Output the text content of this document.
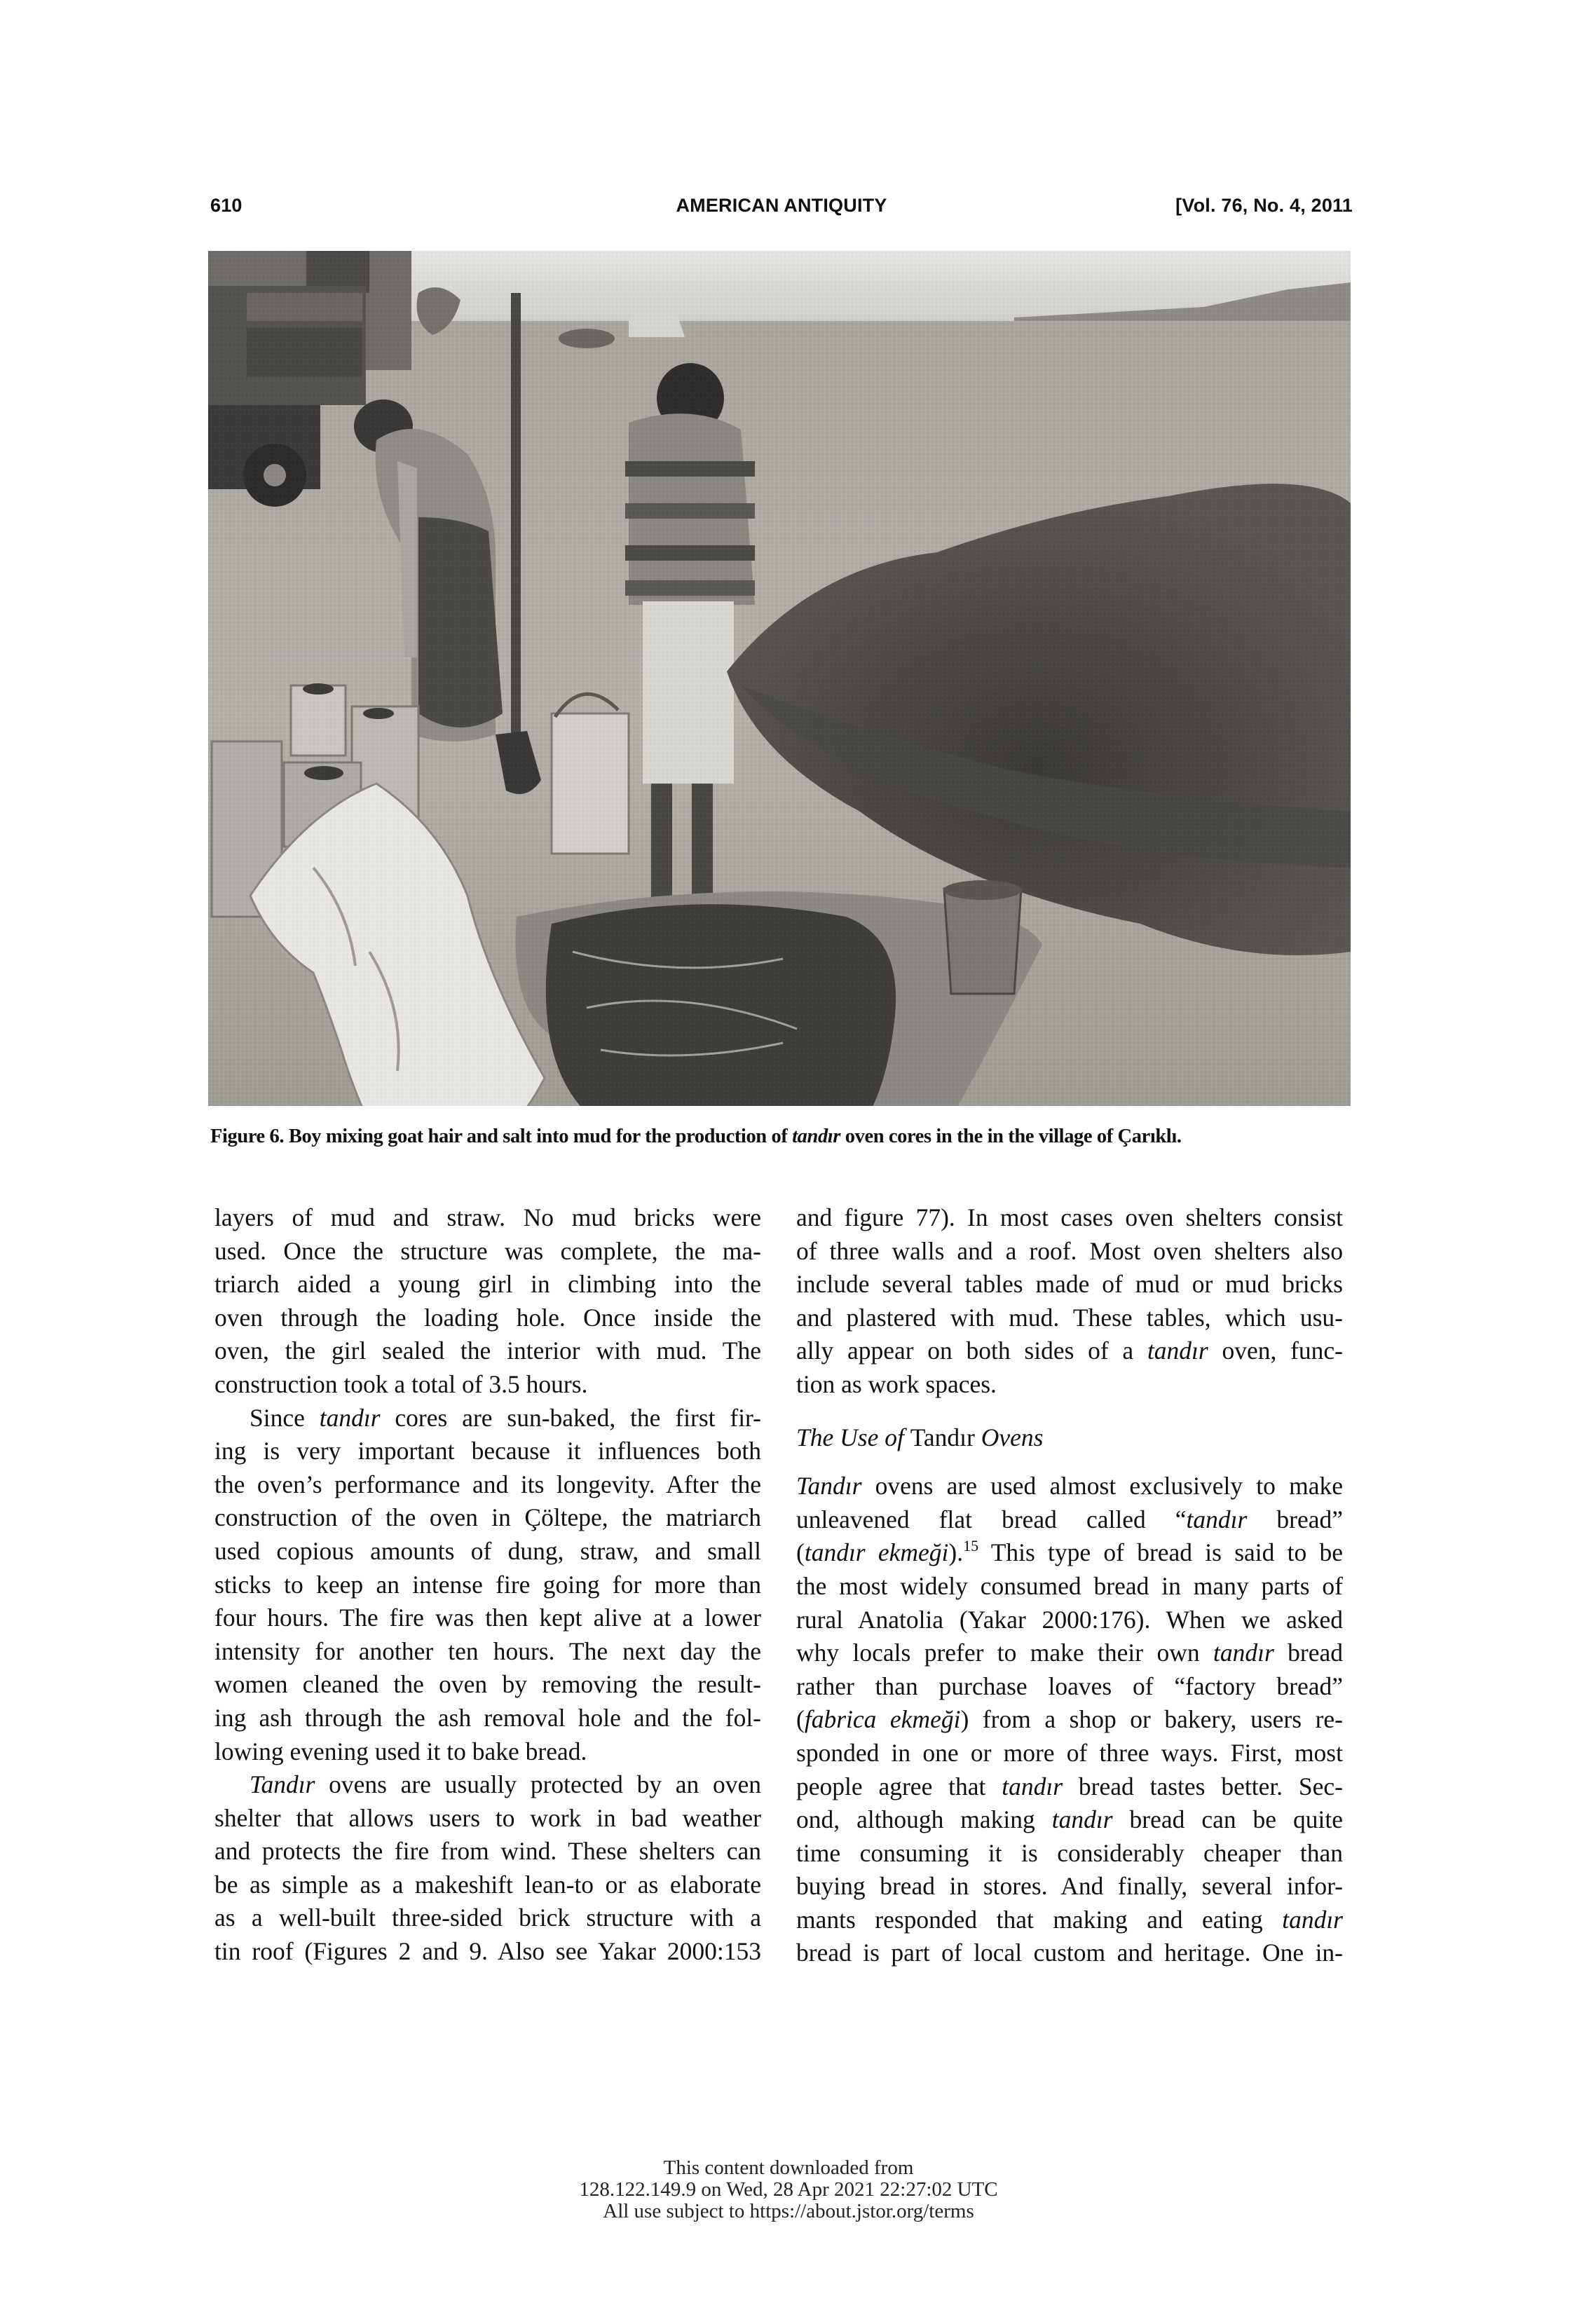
610	AMERICAN ANTIQUITY	[Vol. 76, No. 4, 2011
Figure 6. Boy mixing goat hair and salt into mud for the production of tandır oven cores in the in the village of Çarıklı.

layers of mud and straw. No mud bricks were
used. Once the structure was complete, the ma-
triarch aided a young girl in climbing into the
oven through the loading hole. Once inside the
oven, the girl sealed the interior with mud. The
construction took a total of 3.5 hours.

Since tandır cores are sun-baked, the first fir-
ing is very important because it influences both
the oven’s performance and its longevity. After the
construction of the oven in Çöltepe, the matriarch
used copious amounts of dung, straw, and small
sticks to keep an intense fire going for more than
four hours. The fire was then kept alive at a lower
intensity for another ten hours. The next day the
women cleaned the oven by removing the result-
ing ash through the ash removal hole and the fol-
lowing evening used it to bake bread.

Tandır ovens are usually protected by an oven
shelter that allows users to work in bad weather
and protects the fire from wind. These shelters can
be as simple as a makeshift lean-to or as elaborate
as a well-built three-sided brick structure with a
tin roof (Figures 2 and 9. Also see Yakar 2000:153

and figure 77). In most cases oven shelters consist
of three walls and a roof. Most oven shelters also
include several tables made of mud or mud bricks
and plastered with mud. These tables, which usu-
ally appear on both sides of a tandır oven, func-
tion as work spaces.

The Use of Tandır Ovens

Tandır ovens are used almost exclusively to make
unleavened flat bread called “tandır bread”
(tandır ekmeği).$^{15}$ This type of bread is said to be
the most widely consumed bread in many parts of
rural Anatolia (Yakar 2000:176). When we asked
why locals prefer to make their own tandır bread
rather than purchase loaves of “factory bread”
(fabrica ekmeği) from a shop or bakery, users re-
sponded in one or more of three ways. First, most
people agree that tandır bread tastes better. Sec-
ond, although making tandır bread can be quite
time consuming it is considerably cheaper than
buying bread in stores. And finally, several infor-
mants responded that making and eating tandır
bread is part of local custom and heritage. One in-

This content downloaded from
128.122.149.9 on Wed, 28 Apr 2021 22:27:02 UTC
All use subject to https://about.jstor.org/terms
